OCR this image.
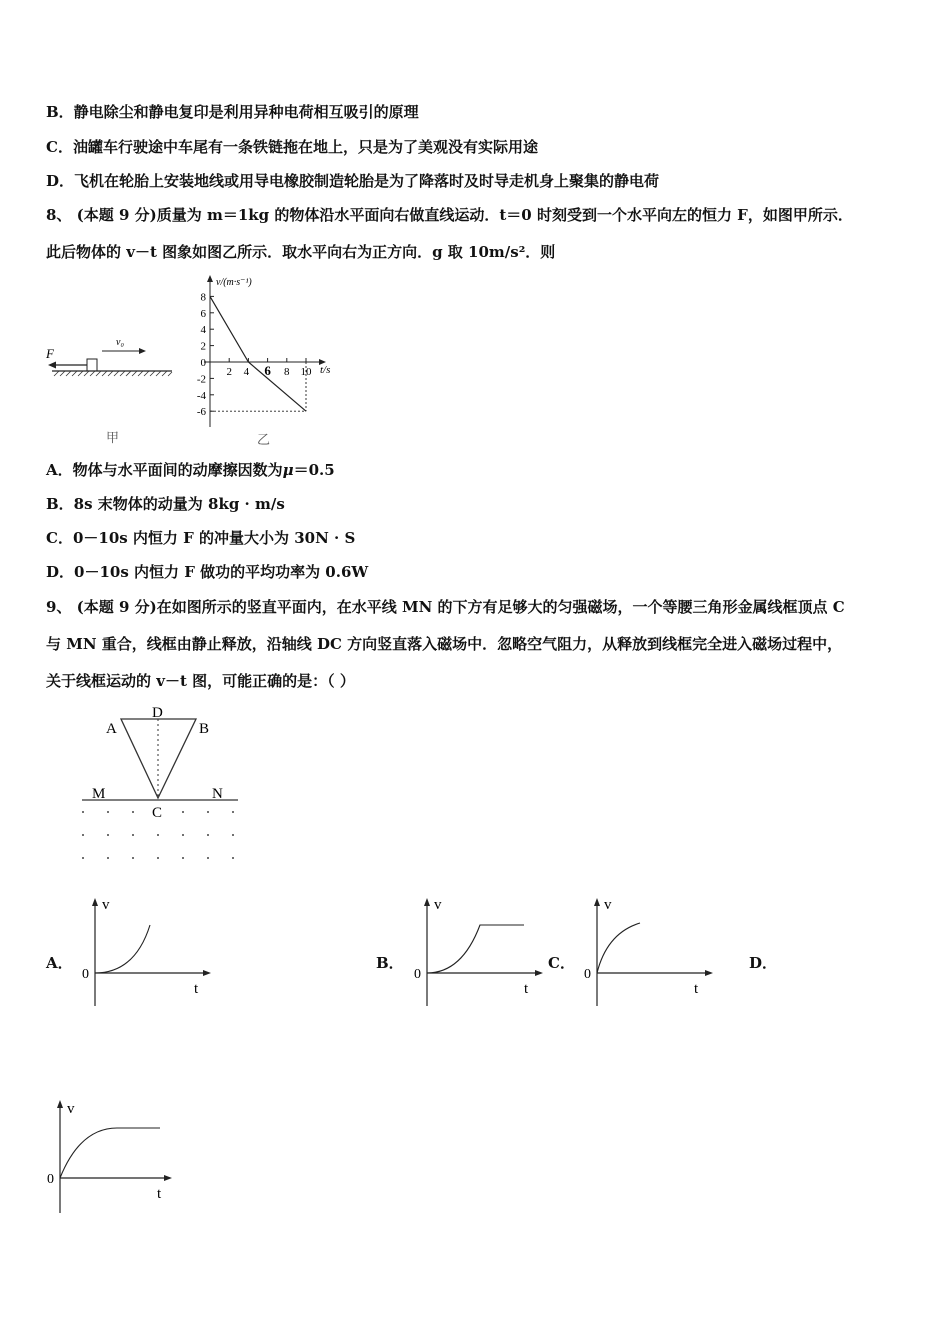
B．静电除尘和静电复印是利用异种电荷相互吸引的原理
C．油罐车行驶途中车尾有一条铁链拖在地上，只是为了美观没有实际用途
D．飞机在轮胎上安装地线或用导电橡胶制造轮胎是为了降落时及时导走机身上聚集的静电荷
8、 (本题 9 分)质量为 m＝1kg 的物体沿水平面向右做直线运动．t＝0 时刻受到一个水平向左的恒力 F，如图甲所示．
此后物体的 v－t 图象如图乙所示．取水平向右为正方向．g 取 10m/s²．则
F
v₀
甲
v/(m·s⁻¹)
t/s
8
6
4
2
0
-2
-4
-6
2 4 6 8 10
乙
A．物体与水平面间的动摩擦因数为μ＝0.5
B．8s 末物体的动量为 8kg · m/s
C．0－10s 内恒力 F 的冲量大小为 30N · S
D．0－10s 内恒力 F 做功的平均功率为 0.6W
9、 (本题 9 分)在如图所示的竖直平面内，在水平线 MN 的下方有足够大的匀强磁场，一个等腰三角形金属线框顶点 C
与 MN 重合，线框由静止释放，沿轴线 DC 方向竖直落入磁场中．忽略空气阻力，从释放到线框完全进入磁场过程中，
关于线框运动的 v－t 图，可能正确的是：（ ）
A
D
B
M	N
C
A．	B．	C．	D．
v
t
0
v
t
0
v
t
0
v
t
0
